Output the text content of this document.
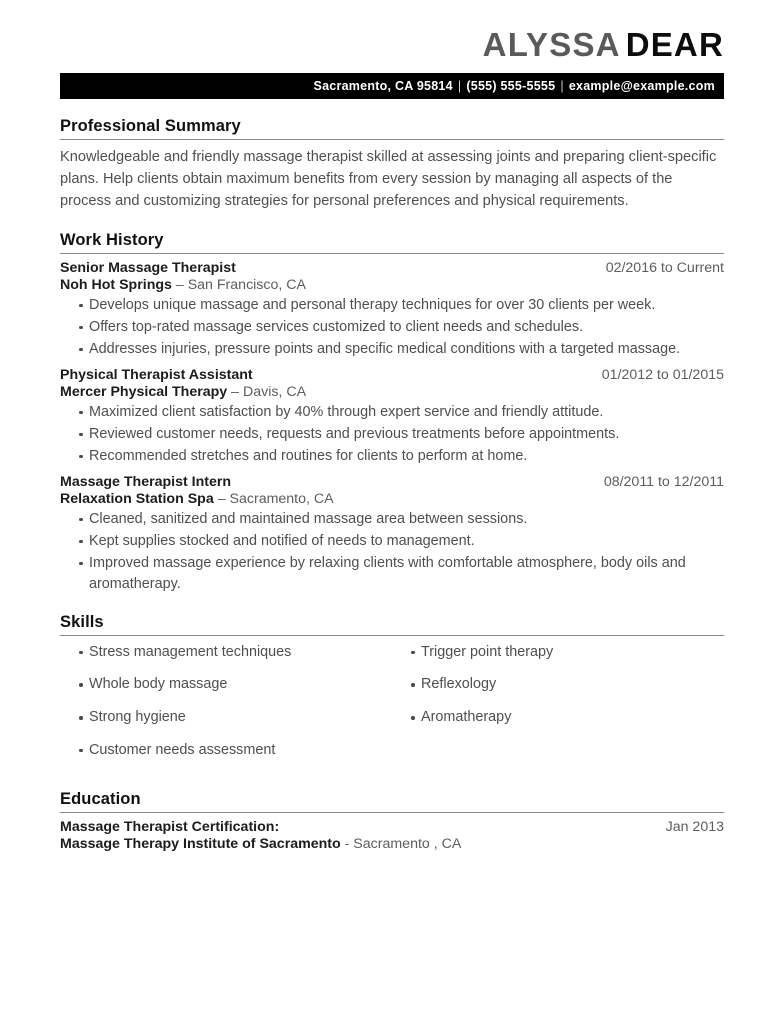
ALYSSA DEAR
Sacramento, CA 95814 | (555) 555-5555 | example@example.com
Professional Summary
Knowledgeable and friendly massage therapist skilled at assessing joints and preparing client-specific plans. Help clients obtain maximum benefits from every session by managing all aspects of the process and customizing strategies for personal preferences and physical requirements.
Work History
Senior Massage Therapist	02/2016 to Current
Noh Hot Springs – San Francisco, CA
Develops unique massage and personal therapy techniques for over 30 clients per week.
Offers top-rated massage services customized to client needs and schedules.
Addresses injuries, pressure points and specific medical conditions with a targeted massage.
Physical Therapist Assistant	01/2012 to 01/2015
Mercer Physical Therapy – Davis, CA
Maximized client satisfaction by 40% through expert service and friendly attitude.
Reviewed customer needs, requests and previous treatments before appointments.
Recommended stretches and routines for clients to perform at home.
Massage Therapist Intern	08/2011 to 12/2011
Relaxation Station Spa – Sacramento, CA
Cleaned, sanitized and maintained massage area between sessions.
Kept supplies stocked and notified of needs to management.
Improved massage experience by relaxing clients with comfortable atmosphere, body oils and aromatherapy.
Skills
Stress management techniques
Whole body massage
Strong hygiene
Customer needs assessment
Trigger point therapy
Reflexology
Aromatherapy
Education
Massage Therapist Certification:	Jan 2013
Massage Therapy Institute of Sacramento - Sacramento , CA
